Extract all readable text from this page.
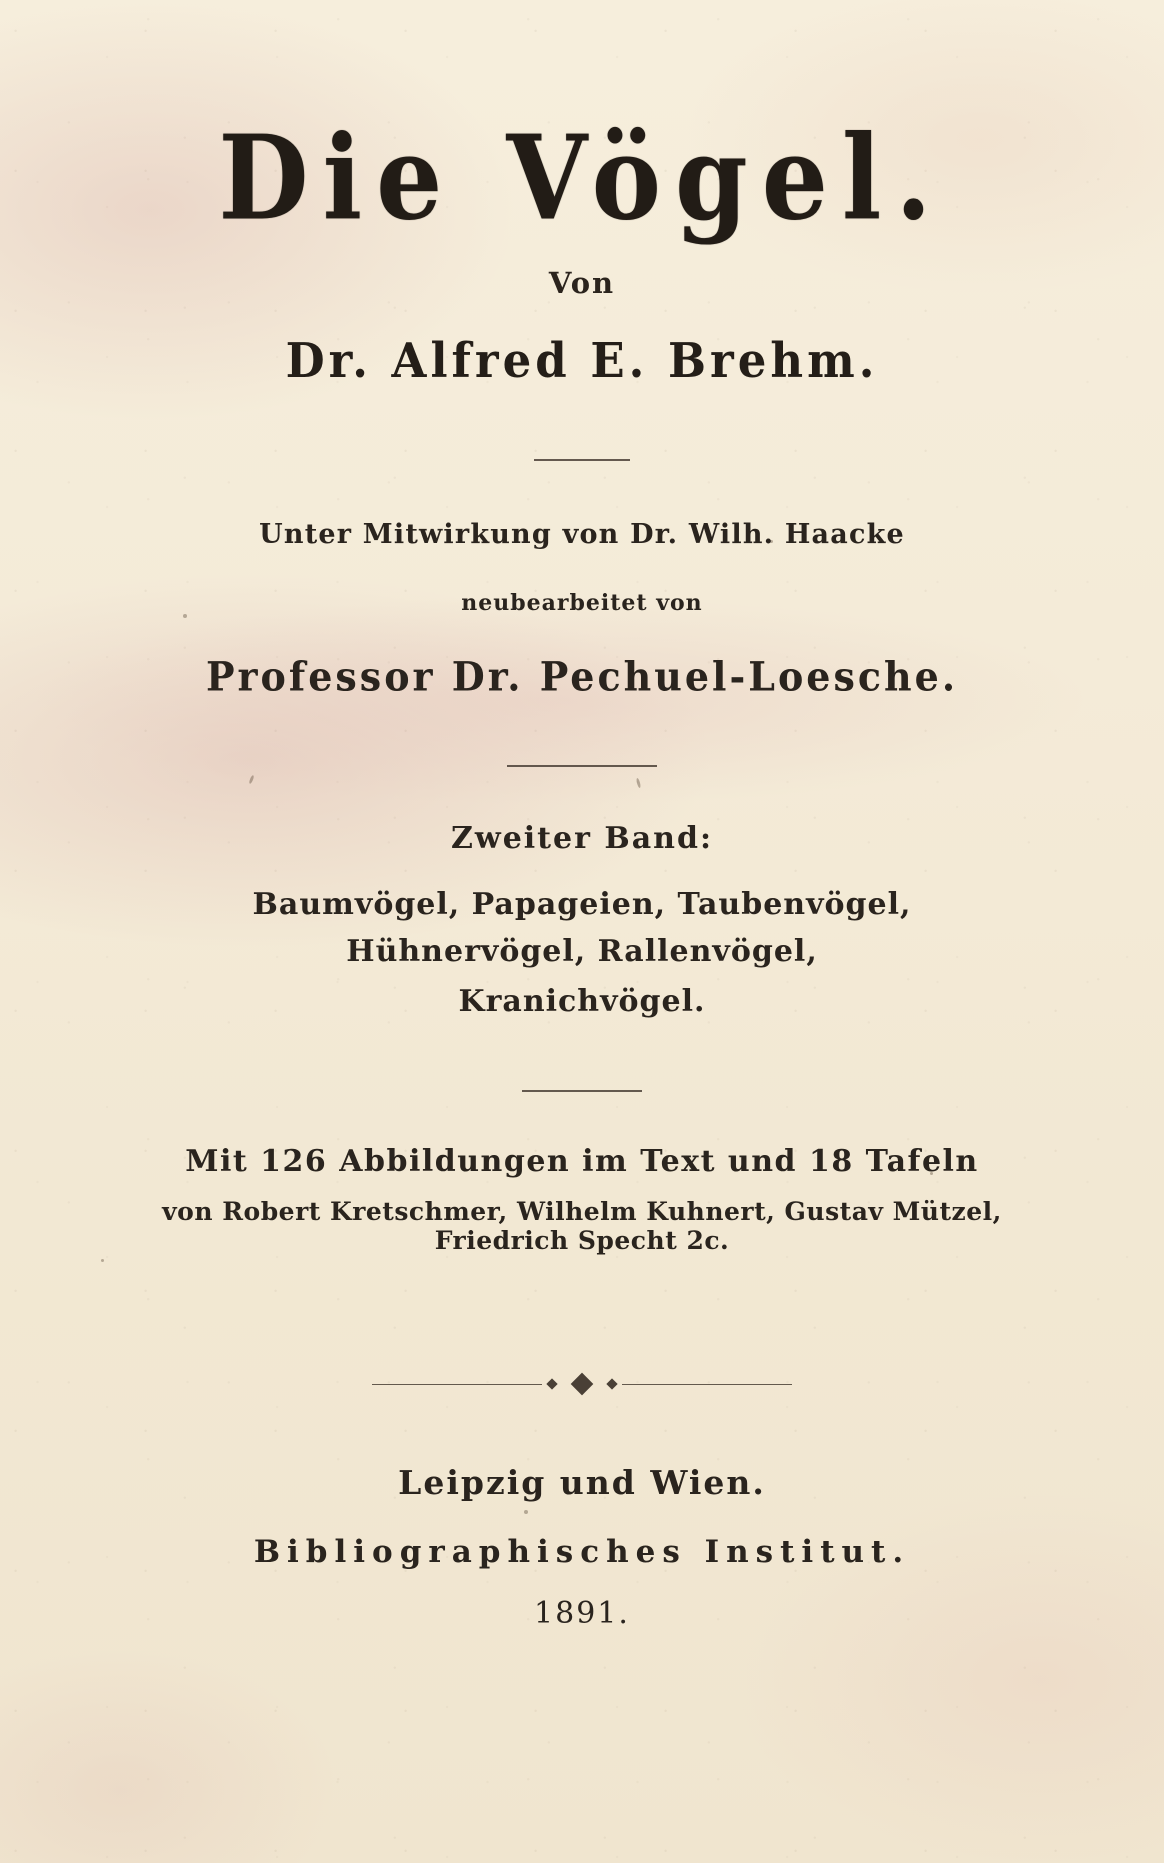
Die Vögel.

Von

Dr. Alfred E. Brehm.

Unter Mitwirkung von Dr. Wilh. Haacke

neubearbeitet von

Professor Dr. Pechuel-Loesche.

Zweiter Band:

Baumvögel, Papageien, Taubenvögel, Hühnervögel, Rallenvögel,

Kranichvögel.

Mit 126 Abbildungen im Text und 18 Tafeln

von Robert Kretschmer, Wilhelm Kuhnert, Gustav Mützel, Friedrich Specht 2c.

Leipzig und Wien.

Bibliographisches Institut.

1891.
